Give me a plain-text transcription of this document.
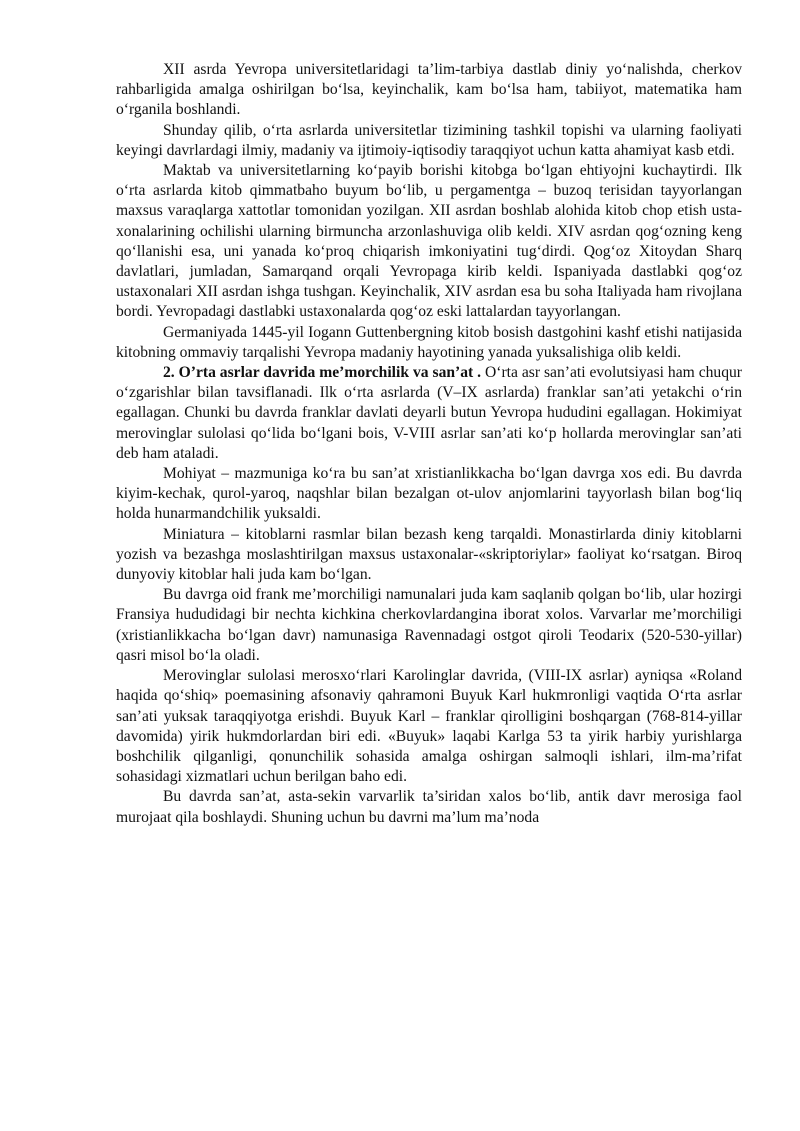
XII asrda Yevropa universitetlaridagi ta’lim-tarbiya dastlab diniy yo‘nalishda, cherkov rahbarligida amalga oshirilgan bo‘lsa, keyinchalik, kam bo‘lsa ham, tabiiyot, matematika ham o‘rganila boshlandi.

Shunday qilib, o‘rta asrlarda universitetlar tizimining tashkil topishi va ularning faoliyati keyingi davrlardagi ilmiy, madaniy va ijtimoiy-iqtisodiy taraqqiyot uchun katta ahamiyat kasb etdi.

Maktab va universitetlarning ko‘payib borishi kitobga bo‘lgan ehtiyojni kuchaytirdi. Ilk o‘rta asrlarda kitob qimmatbaho buyum bo‘lib, u pergamentga – buzoq terisidan tayyorlangan maxsus varaqlarga xattotlar tomonidan yozilgan. XII asrdan boshlab alohida kitob chop etish usta-xonalarining ochilishi ularning birmuncha arzonlashuviga olib keldi. XIV asrdan qog‘ozning keng qo‘llanishi esa, uni yanada ko‘proq chiqarish imkoniyatini tug‘dirdi. Qog‘oz Xitoydan Sharq davlatlari, jumladan, Samarqand orqali Yevropaga kirib keldi. Ispaniyada dastlabki qog‘oz ustaxonalari XII asrdan ishga tushgan. Keyinchalik, XIV asrdan esa bu soha Italiyada ham rivojlana bordi. Yevropadagi dastlabki ustaxonalarda qog‘oz eski lattalardan tayyorlangan.

Germaniyada 1445-yil Iogann Guttenbergning kitob bosish dastgohini kashf etishi natijasida kitobning ommaviy tarqalishi Yevropa madaniy hayotining yanada yuksalishiga olib keldi.

2. O’rta asrlar davrida me’morchilik va san’at . O‘rta asr san’ati evolutsiyasi ham chuqur o‘zgarishlar bilan tavsiflanadi. Ilk o‘rta asrlarda (V–IX asrlarda) franklar san’ati yetakchi o‘rin egallagan. Chunki bu davrda franklar davlati deyarli butun Yevropa hududini egallagan. Hokimiyat merovinglar sulolasi qo‘lida bo‘lgani bois, V-VIII asrlar san’ati ko‘p hollarda merovinglar san’ati deb ham ataladi.

Mohiyat – mazmuniga ko‘ra bu san’at xristianlikkacha bo‘lgan davrga xos edi. Bu davrda kiyim-kechak, qurol-yaroq, naqshlar bilan bezalgan ot-ulov anjomlarini tayyorlash bilan bog‘liq holda hunarmandchilik yuksaldi.

Miniatura – kitoblarni rasmlar bilan bezash keng tarqaldi. Monastirlarda diniy kitoblarni yozish va bezashga moslashtirilgan maxsus ustaxonalar-«skriptoriylar» faoliyat ko‘rsatgan. Biroq dunyoviy kitoblar hali juda kam bo‘lgan.

Bu davrga oid frank me’morchiligi namunalari juda kam saqlanib qolgan bo‘lib, ular hozirgi Fransiya hududidagi bir nechta kichkina cherkovlardangina iborat xolos. Varvarlar me’morchiligi (xristianlikkacha bo‘lgan davr) namunasiga Ravennadagi ostgot qiroli Teodarix (520-530-yillar) qasri misol bo‘la oladi.

Merovinglar sulolasi merosxo‘rlari Karolinglar davrida, (VIII-IX asrlar) ayniqsa «Roland haqida qo‘shiq» poemasining afsonaviy qahramoni Buyuk Karl hukmronligi vaqtida O‘rta asrlar san’ati yuksak taraqqiyotga erishdi. Buyuk Karl – franklar qirolligini boshqargan (768-814-yillar davomida) yirik hukmdorlardan biri edi. «Buyuk» laqabi Karlga 53 ta yirik harbiy yurishlarga boshchilik qilganligi, qonunchilik sohasida amalga oshirgan salmoqli ishlari, ilm-ma’rifat sohasidagi xizmatlari uchun berilgan baho edi.

Bu davrda san’at, asta-sekin varvarlik ta’siridan xalos bo‘lib, antik davr merosiga faol murojaat qila boshlaydi. Shuning uchun bu davrni ma’lum ma’noda
